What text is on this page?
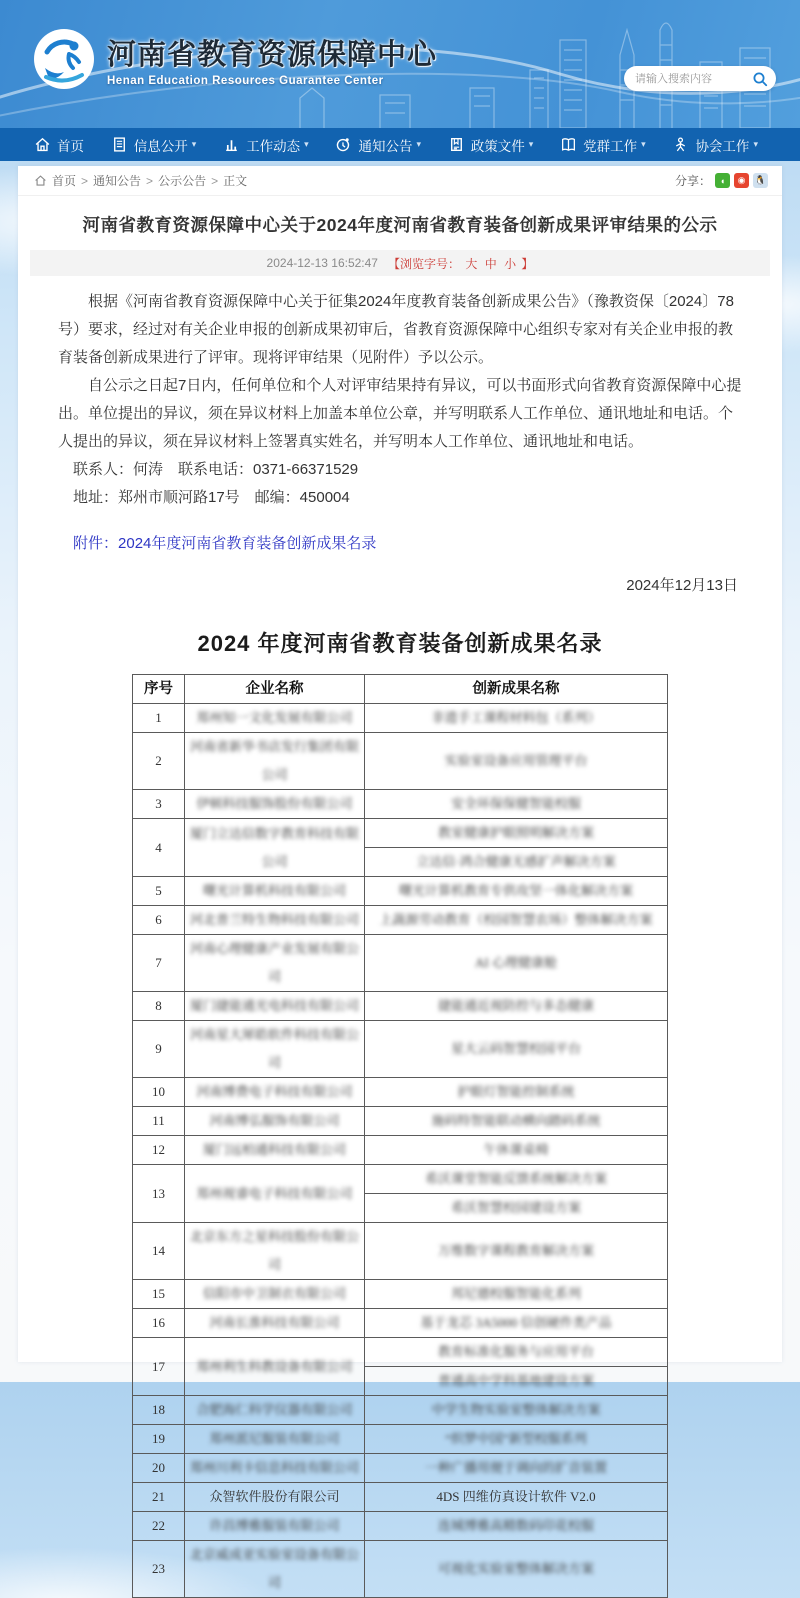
河南省教育资源保障中心
Henan Education Resources Guarantee Center
请输入搜索内容
首页	信息公开 ▾	工作动态 ▾	通知公告 ▾	政策文件 ▾	党群工作 ▾	协会工作 ▾
首页 > 通知公告 > 公示公告 > 正文	分享： ◖	◉	🐧
河南省教育资源保障中心关于2024年度河南省教育装备创新成果评审结果的公示
2024-12-13 16:52:47 【浏览字号： 大 中 小 】

根据《河南省教育资源保障中心关于征集2024年度教育装备创新成果公告》（豫教资保〔2024〕78号）要求，经过对有关企业申报的创新成果初审后，省教育资源保障中心组织专家对有关企业申报的教育装备创新成果进行了评审。现将评审结果（见附件）予以公示。

自公示之日起7日内，任何单位和个人对评审结果持有异议，可以书面形式向省教育资源保障中心提出。单位提出的异议，须在异议材料上加盖本单位公章，并写明联系人工作单位、通讯地址和电话。个人提出的异议，须在异议材料上签署真实姓名，并写明本人工作单位、通讯地址和电话。

联系人：何涛　联系电话：0371-66371529

地址：郑州市顺河路17号　邮编：450004

附件：2024年度河南省教育装备创新成果名录

2024年12月13日

2024 年度河南省教育装备创新成果名录
序号	企业名称	创新成果名称
1	郑州知一文化发展有限公司	非遗手工课程材料包（系列）
2	河南省新华书店发行集团有限公司	实验室设备应用管理平台
3	伊顿科技服饰股份有限公司	安全环保保健智能校服
4	厦门立达信数字教育科技有限公司	教室健康护眼照明解决方案
		立达信·鸿合健康无感扩声解决方案
5	曙光计算机科技有限公司	曙光计算机教育专供攻坚一体化解决方案
6	河北普兰特生物科技有限公司	上蔬源劳动教育（校园智慧农场）整体解决方案
7	河南心理健康产业发展有限公司	AI 心理健康舱
8	厦门捷能通光电科技有限公司	捷能通近视防控与多态健康
9	河南星大犀皓软件科技有限公司	星大云码智慧校园平台
10	河南博费电子科技有限公司	护眼灯智能控制系统
11	河南博弘服饰有限公司	施码特智能联动横向踏码系统
12	厦门远柏通科技有限公司	午休课桌椅
13	郑州视睿电子科技有限公司	希沃课堂智能反馈系统解决方案
		希沃智慧校园建设方案
14	北京东方之星科技股份有限公司	万维数字课程教育解决方案
15	信阳市中卫制衣有限公司	邦尼德校服智能化系列
16	河南长淮科技有限公司	基于龙芯 3A5000 信创硬件类产品
17	郑州利生科教设备有限公司	教育标准化服务与应用平台
		普通高中学科基地建设方案
18	合肥海仁科学仪器有限公司	中学生物实验室整体解决方案
19	郑州派尼服装有限公司	“织梦中国”新型校服系列
20	郑州川利卡信息科技有限公司	一种广播用便于调向的扩音装置
21	众智软件股份有限公司	4DS 四维仿真设计软件 V2.0
22	许昌博雅服装有限公司	连城博雅高精数码印花校服
23	北京威成亚实验室设备有限公司	可视化实验室整体解决方案
